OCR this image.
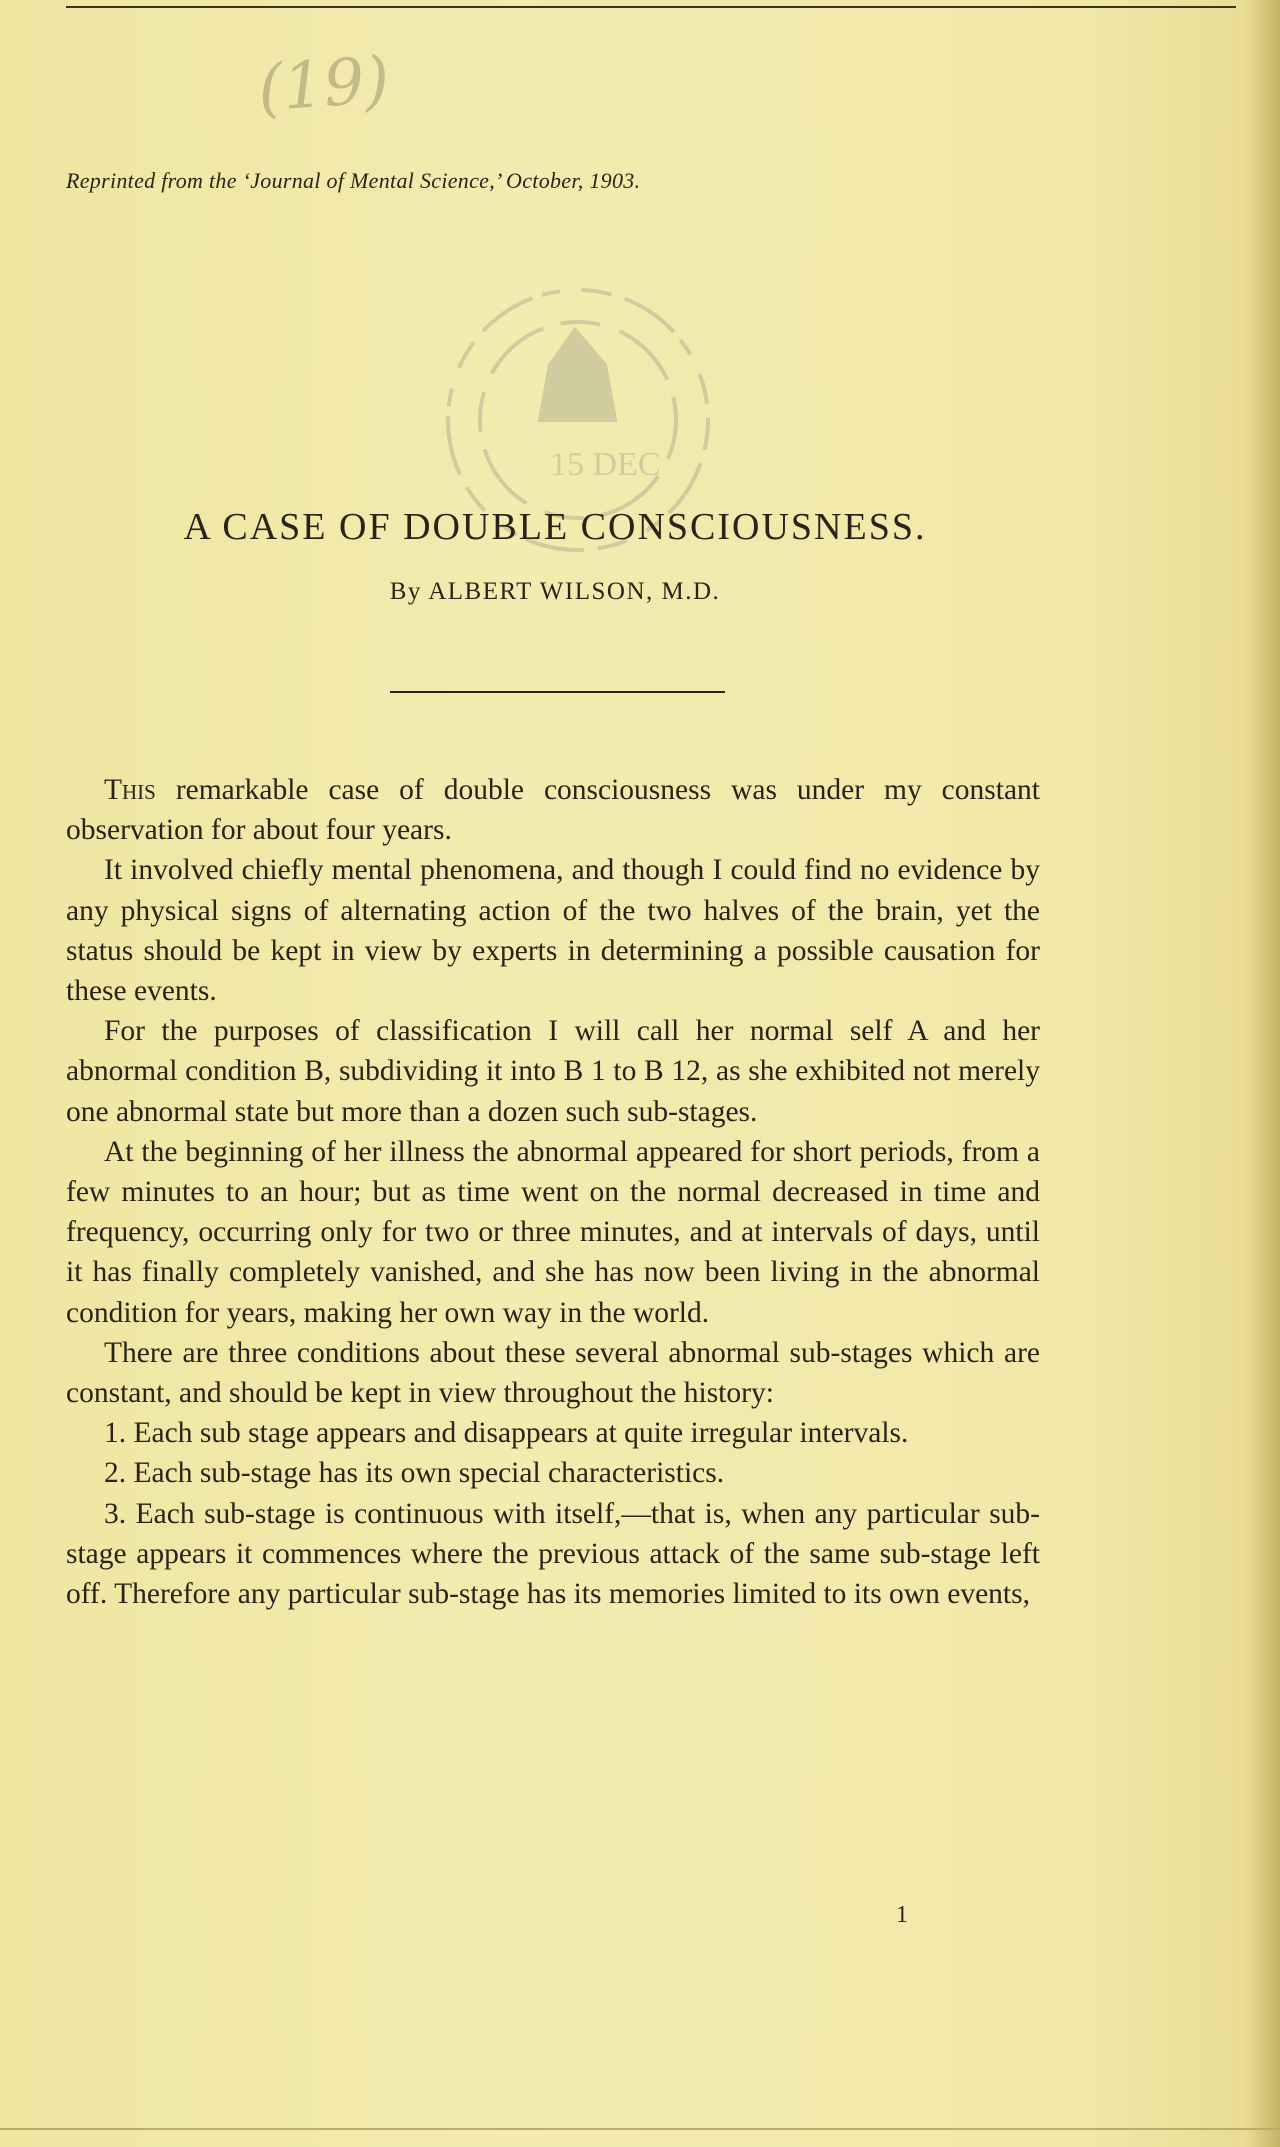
(19)
Reprinted from the ‘Journal of Mental Science,’ October, 1903.
15 DEC
A CASE OF DOUBLE CONSCIOUSNESS.
By ALBERT WILSON, M.D.

This remarkable case of double consciousness was under my constant observation for about four years.

It involved chiefly mental phenomena, and though I could find no evidence by any physical signs of alternating action of the two halves of the brain, yet the status should be kept in view by experts in determining a possible causation for these events.

For the purposes of classification I will call her normal self A and her abnormal condition B, subdividing it into B 1 to B 12, as she exhibited not merely one abnormal state but more than a dozen such sub-stages.

At the beginning of her illness the abnormal appeared for short periods, from a few minutes to an hour; but as time went on the normal decreased in time and frequency, occurring only for two or three minutes, and at intervals of days, until it has finally completely vanished, and she has now been living in the abnormal condition for years, making her own way in the world.

There are three conditions about these several abnormal sub-stages which are constant, and should be kept in view throughout the history:

1. Each sub stage appears and disappears at quite irregular intervals.

2. Each sub-stage has its own special characteristics.

3. Each sub-stage is continuous with itself,—that is, when any particular sub-stage appears it commences where the previous attack of the same sub-stage left off. Therefore any particular sub-stage has its memories limited to its own events,

1
